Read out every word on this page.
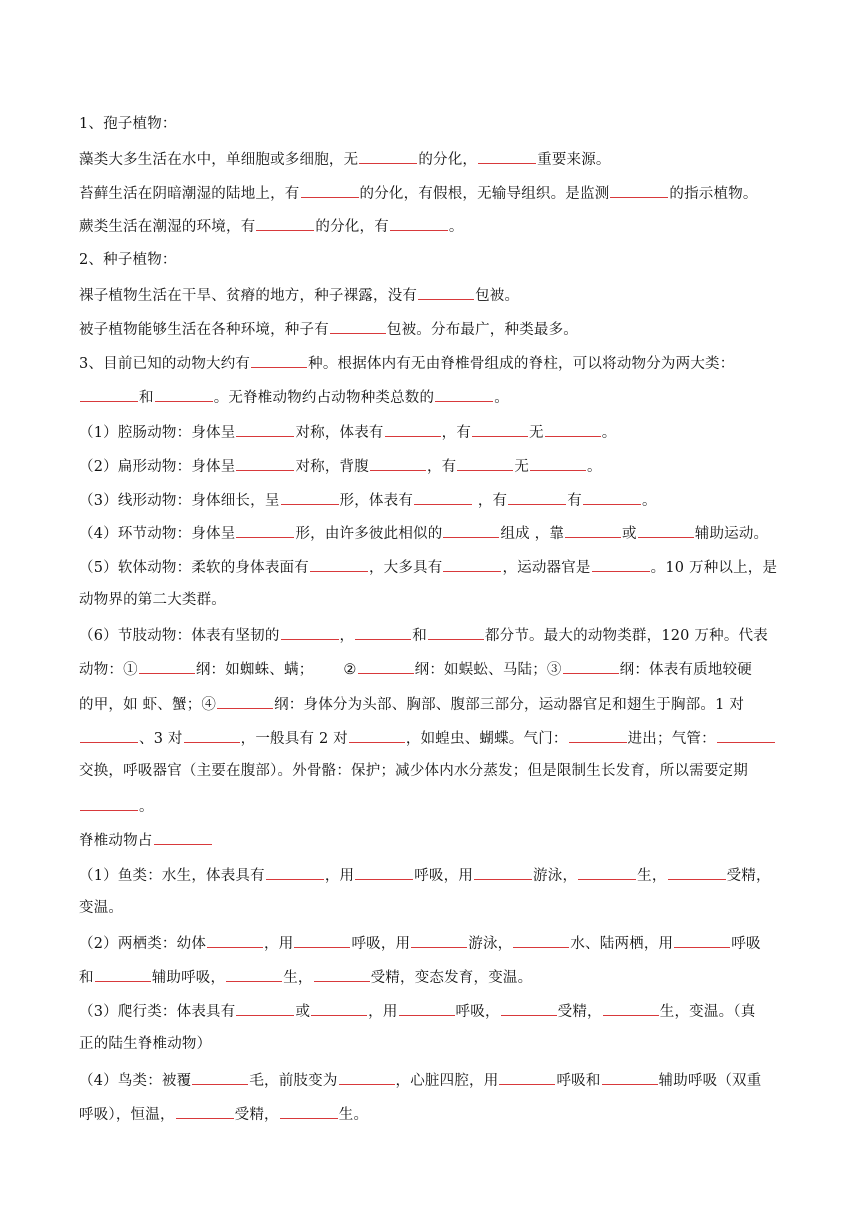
1、孢子植物：
藻类大多生活在水中，单细胞或多细胞，无	的分化，	重要来源。
苔藓生活在阴暗潮湿的陆地上，有	的分化，有假根，无输导组织。是监测	的指示植物。
蕨类生活在潮湿的环境，有	的分化，有	。
2、种子植物：
裸子植物生活在干旱、贫瘠的地方，种子裸露，没有	包被。
被子植物能够生活在各种环境，种子有	包被。分布最广，种类最多。
3、目前已知的动物大约有	种。根据体内有无由脊椎骨组成的脊柱，可以将动物分为两大类：
和	。无脊椎动物约占动物种类总数的	。
（1）腔肠动物：身体呈	对称，体表有	，有	无	。
（2）扁形动物：身体呈	对称，背腹	，有	无	。
（3）线形动物：身体细长，呈	形，体表有	，有	有	。
（4）环节动物：身体呈	形，由许多彼此相似的	组成 ，靠	或	辅助运动。
（5）软体动物：柔软的身体表面有	，大多具有	，运动器官是	。10 万种以上，是
动物界的第二大类群。
（6）节肢动物：体表有坚韧的	，	和	都分节。最大的动物类群，120 万种。代表
动物：①	纲：如蜘蛛、螨； ②	纲：如蜈蚣、马陆；③	纲：体表有质地较硬
的甲，如 虾、蟹；④	纲：身体分为头部、胸部、腹部三部分，运动器官足和翅生于胸部。1 对
、3 对	，一般具有 2 对	，如蝗虫、蝴蝶。气门：	进出；气管：
交换，呼吸器官（主要在腹部）。外骨骼：保护；减少体内水分蒸发；但是限制生长发育，所以需要定期
。
脊椎动物占
（1）鱼类：水生，体表具有	，用	呼吸，用	游泳，	生，	受精，
变温。
（2）两栖类：幼体	，用	呼吸，用	游泳，	水、陆两栖，用	呼吸
和	辅助呼吸，	生，	受精，变态发育，变温。
（3）爬行类：体表具有	或	，用	呼吸，	受精，	生，变温。（真
正的陆生脊椎动物）
（4）鸟类：被覆	毛，前肢变为	，心脏四腔，用	呼吸和	辅助呼吸（双重
呼吸），恒温，	受精，	生。
